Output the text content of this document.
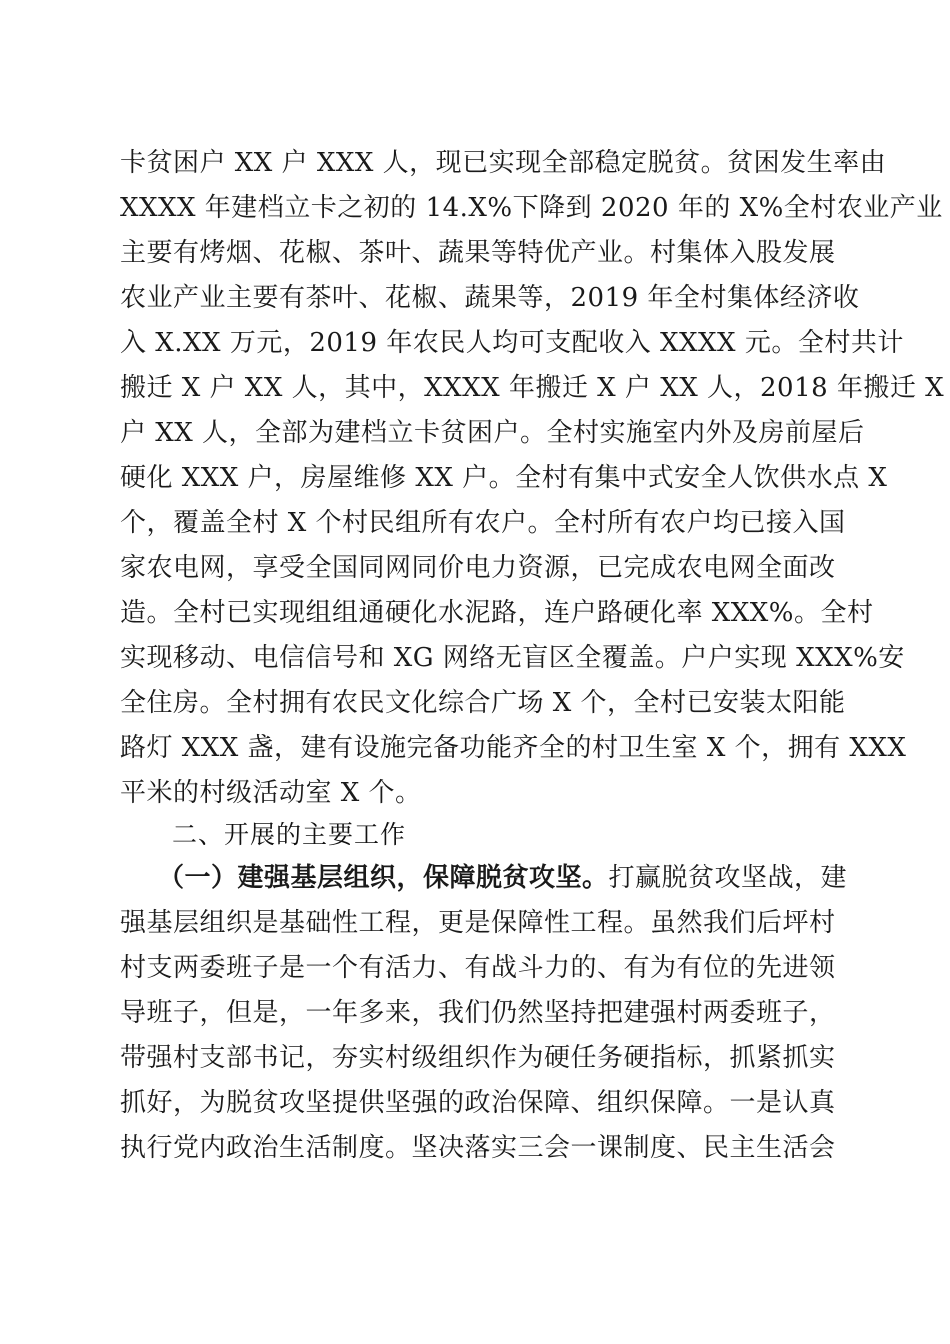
卡贫困户 XX 户 XXX 人，现已实现全部稳定脱贫。贫困发生率由
XXXX 年建档立卡之初的 14.X%下降到 2020 年的 X%全村农业产业
主要有烤烟、花椒、茶叶、蔬果等特优产业。村集体入股发展
农业产业主要有茶叶、花椒、蔬果等，2019 年全村集体经济收
入 X.XX 万元，2019 年农民人均可支配收入 XXXX 元。全村共计
搬迁 X 户 XX 人，其中，XXXX 年搬迁 X 户 XX 人，2018 年搬迁 X
户 XX 人，全部为建档立卡贫困户。全村实施室内外及房前屋后
硬化 XXX 户，房屋维修 XX 户。全村有集中式安全人饮供水点 X
个，覆盖全村 X 个村民组所有农户。全村所有农户均已接入国
家农电网，享受全国同网同价电力资源，已完成农电网全面改
造。全村已实现组组通硬化水泥路，连户路硬化率 XXX%。全村
实现移动、电信信号和 XG 网络无盲区全覆盖。户户实现 XXX%安
全住房。全村拥有农民文化综合广场 X 个，全村已安装太阳能
路灯 XXX 盏，建有设施完备功能齐全的村卫生室 X 个，拥有 XXX
平米的村级活动室 X 个。
二、开展的主要工作
（一）建强基层组织，保障脱贫攻坚。打赢脱贫攻坚战，建
强基层组织是基础性工程，更是保障性工程。虽然我们后坪村
村支两委班子是一个有活力、有战斗力的、有为有位的先进领
导班子，但是，一年多来，我们仍然坚持把建强村两委班子，
带强村支部书记，夯实村级组织作为硬任务硬指标，抓紧抓实
抓好，为脱贫攻坚提供坚强的政治保障、组织保障。一是认真
执行党内政治生活制度。坚决落实三会一课制度、民主生活会
